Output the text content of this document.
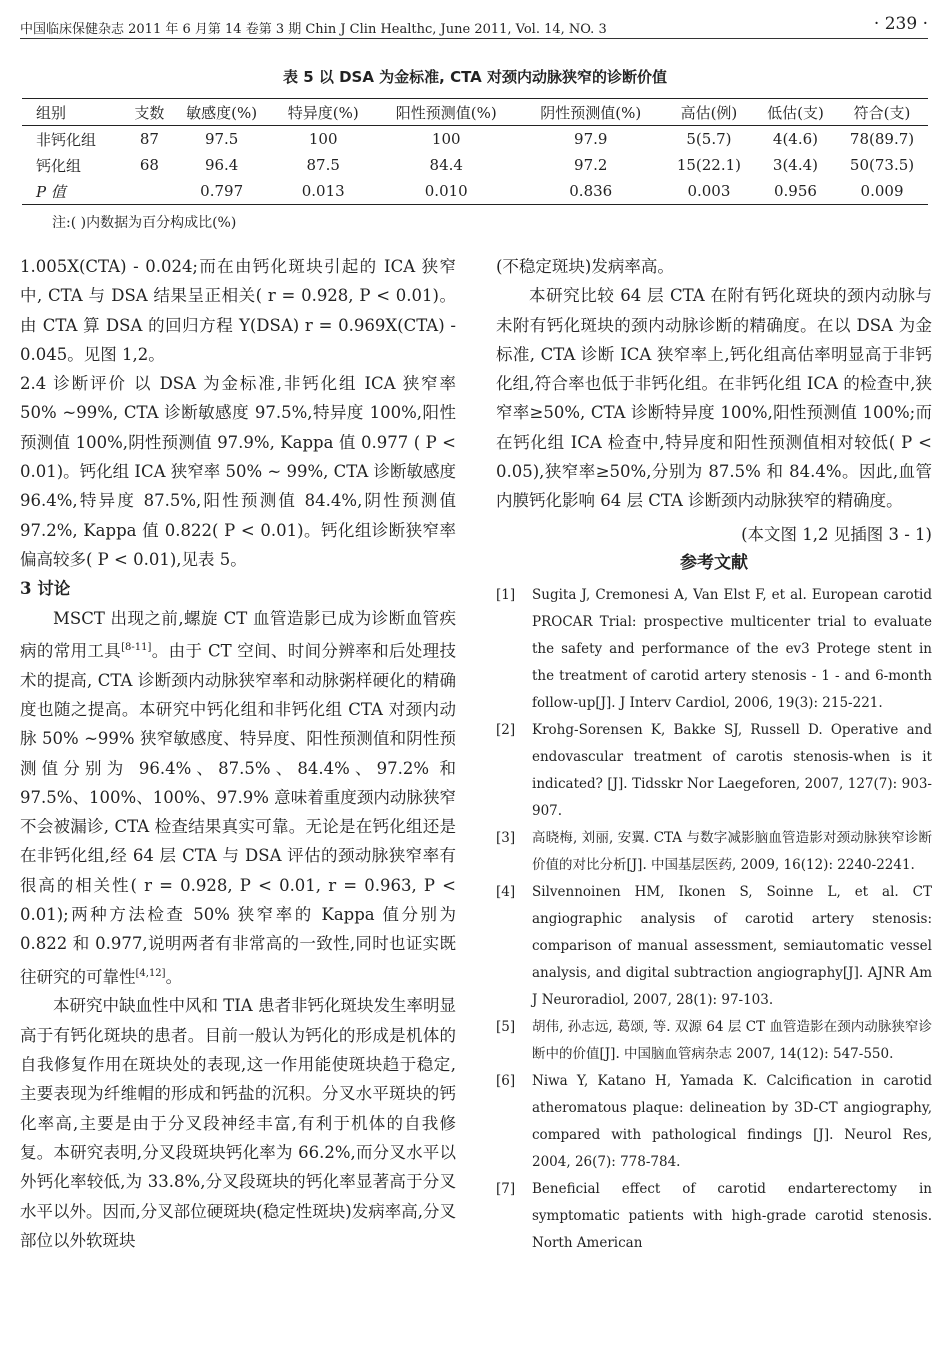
中国临床保健杂志 2011 年 6 月第 14 卷第 3 期 Chin J Clin Healthc, June 2011, Vol. 14, NO. 3	· 239 ·
表 5 以 DSA 为金标准, CTA 对颈内动脉狭窄的诊断价值
组别	支数	敏感度(%)	特异度(%)	阳性预测值(%)	阴性预测值(%)	高估(例)	低估(支)	符合(支)
非钙化组	87	97.5	100	100	97.9	5(5.7)	4(4.6)	78(89.7)
钙化组	68	96.4	87.5	84.4	97.2	15(22.1)	3(4.4)	50(73.5)
P 值		0.797	0.013	0.010	0.836	0.003	0.956	0.009
注:( )内数据为百分构成比(%)

1.005X(CTA) - 0.024;而在由钙化斑块引起的 ICA 狭窄中, CTA 与 DSA 结果呈正相关( r = 0.928, P < 0.01)。由 CTA 算 DSA 的回归方程 Y(DSA) r = 0.969X(CTA) - 0.045。见图 1,2。

2.4 诊断评价 以 DSA 为金标准,非钙化组 ICA 狭窄率 50% ~99%, CTA 诊断敏感度 97.5%,特异度 100%,阳性预测值 100%,阴性预测值 97.9%, Kappa 值 0.977 ( P < 0.01)。钙化组 ICA 狭窄率 50% ~ 99%, CTA 诊断敏感度 96.4%,特异度 87.5%,阳性预测值 84.4%,阴性预测值 97.2%, Kappa 值 0.822( P < 0.01)。钙化组诊断狭窄率偏高较多( P < 0.01),见表 5。

3 讨论

MSCT 出现之前,螺旋 CT 血管造影已成为诊断血管疾病的常用工具[8-11]。由于 CT 空间、时间分辨率和后处理技术的提高, CTA 诊断颈内动脉狭窄率和动脉粥样硬化的精确度也随之提高。本研究中钙化组和非钙化组 CTA 对颈内动脉 50% ~99% 狭窄敏感度、特异度、阳性预测值和阴性预测值分别为 96.4%、87.5%、84.4%、97.2% 和 97.5%、100%、100%、97.9% 意味着重度颈内动脉狭窄不会被漏诊, CTA 检查结果真实可靠。无论是在钙化组还是在非钙化组,经 64 层 CTA 与 DSA 评估的颈动脉狭窄率有很高的相关性( r = 0.928, P < 0.01, r = 0.963, P < 0.01);两种方法检查 50% 狭窄率的 Kappa 值分别为 0.822 和 0.977,说明两者有非常高的一致性,同时也证实既往研究的可靠性[4,12]。

本研究中缺血性中风和 TIA 患者非钙化斑块发生率明显高于有钙化斑块的患者。目前一般认为钙化的形成是机体的自我修复作用在斑块处的表现,这一作用能使斑块趋于稳定,主要表现为纤维帽的形成和钙盐的沉积。分叉水平斑块的钙化率高,主要是由于分叉段神经丰富,有利于机体的自我修复。本研究表明,分叉段斑块钙化率为 66.2%,而分叉水平以外钙化率较低,为 33.8%,分叉段斑块的钙化率显著高于分叉水平以外。因而,分叉部位硬斑块(稳定性斑块)发病率高,分叉部位以外软斑块

(不稳定斑块)发病率高。

本研究比较 64 层 CTA 在附有钙化斑块的颈内动脉与未附有钙化斑块的颈内动脉诊断的精确度。在以 DSA 为金标准, CTA 诊断 ICA 狭窄率上,钙化组高估率明显高于非钙化组,符合率也低于非钙化组。在非钙化组 ICA 的检查中,狭窄率≥50%, CTA 诊断特异度 100%,阳性预测值 100%;而在钙化组 ICA 检查中,特异度和阳性预测值相对较低( P < 0.05),狭窄率≥50%,分别为 87.5% 和 84.4%。因此,血管内膜钙化影响 64 层 CTA 诊断颈内动脉狭窄的精确度。

(本文图 1,2 见插图 3 - 1)

参考文献

[1]	Sugita J, Cremonesi A, Van Elst F, et al. European carotid PROCAR Trial: prospective multicenter trial to evaluate the safety and performance of the ev3 Protege stent in the treatment of carotid artery stenosis - 1 - and 6-month follow-up[J]. J Interv Cardiol, 2006, 19(3): 215-221.
[2]	Krohg-Sorensen K, Bakke SJ, Russell D. Operative and endovascular treatment of carotis stenosis-when is it indicated? [J]. Tidsskr Nor Laegeforen, 2007, 127(7): 903-907.
[3]	高晓梅, 刘丽, 安翼. CTA 与数字减影脑血管造影对颈动脉狭窄诊断价值的对比分析[J]. 中国基层医药, 2009, 16(12): 2240-2241.
[4]	Silvennoinen HM, Ikonen S, Soinne L, et al. CT angiographic analysis of carotid artery stenosis: comparison of manual assessment, semiautomatic vessel analysis, and digital subtraction angiography[J]. AJNR Am J Neuroradiol, 2007, 28(1): 97-103.
[5]	胡伟, 孙志远, 葛颂, 等. 双源 64 层 CT 血管造影在颈内动脉狭窄诊断中的价值[J]. 中国脑血管病杂志 2007, 14(12): 547-550.
[6]	Niwa Y, Katano H, Yamada K. Calcification in carotid atheromatous plaque: delineation by 3D-CT angiography, compared with pathological findings [J]. Neurol Res, 2004, 26(7): 778-784.
[7]	Beneficial effect of carotid endarterectomy in symptomatic patients with high-grade carotid stenosis. North American
